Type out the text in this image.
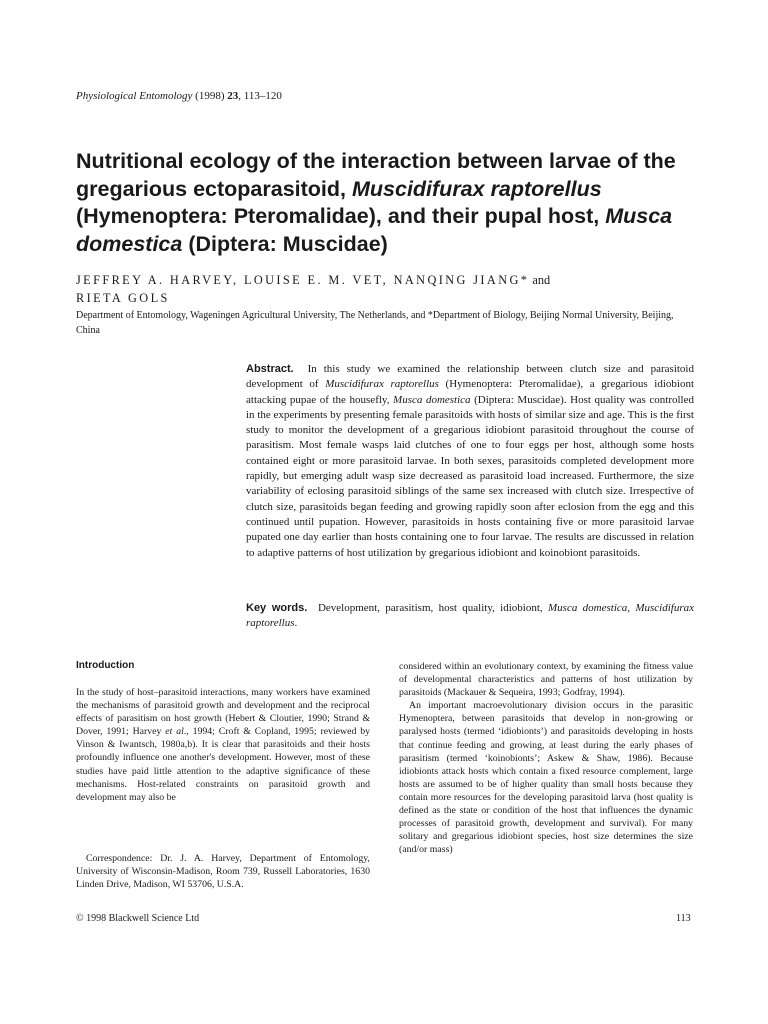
Physiological Entomology (1998) 23, 113–120
Nutritional ecology of the interaction between larvae of the gregarious ectoparasitoid, Muscidifurax raptorellus (Hymenoptera: Pteromalidae), and their pupal host, Musca domestica (Diptera: Muscidae)
JEFFREY A. HARVEY, LOUISE E. M. VET, NANQING JIANG* and
RIETA GOLS
Department of Entomology, Wageningen Agricultural University, The Netherlands, and *Department of Biology, Beijing Normal University, Beijing, China
Abstract. In this study we examined the relationship between clutch size and parasitoid development of Muscidifurax raptorellus (Hymenoptera: Pteromalidae), a gregarious idiobiont attacking pupae of the housefly, Musca domestica (Diptera: Muscidae). Host quality was controlled in the experiments by presenting female parasitoids with hosts of similar size and age. This is the first study to monitor the development of a gregarious idiobiont parasitoid throughout the course of parasitism. Most female wasps laid clutches of one to four eggs per host, although some hosts contained eight or more parasitoid larvae. In both sexes, parasitoids completed development more rapidly, but emerging adult wasp size decreased as parasitoid load increased. Furthermore, the size variability of eclosing parasitoid siblings of the same sex increased with clutch size. Irrespective of clutch size, parasitoids began feeding and growing rapidly soon after eclosion from the egg and this continued until pupation. However, parasitoids in hosts containing five or more parasitoid larvae pupated one day earlier than hosts containing one to four larvae. The results are discussed in relation to adaptive patterns of host utilization by gregarious idiobiont and koinobiont parasitoids.
Key words. Development, parasitism, host quality, idiobiont, Musca domestica, Muscidifurax raptorellus.
Introduction

In the study of host–parasitoid interactions, many workers have examined the mechanisms of parasitoid growth and development and the reciprocal effects of parasitism on host growth (Hebert & Cloutier, 1990; Strand & Dover, 1991; Harvey et al., 1994; Croft & Copland, 1995; reviewed by Vinson & Iwantsch, 1980a,b). It is clear that parasitoids and their hosts profoundly influence one another's development. However, most of these studies have paid little attention to the adaptive significance of these mechanisms. Host-related constraints on parasitoid growth and development may also be

Correspondence: Dr. J. A. Harvey, Department of Entomology, University of Wisconsin-Madison, Room 739, Russell Laboratories, 1630 Linden Drive, Madison, WI 53706, U.S.A.

considered within an evolutionary context, by examining the fitness value of developmental characteristics and patterns of host utilization by parasitoids (Mackauer & Sequeira, 1993; Godfray, 1994).

An important macroevolutionary division occurs in the parasitic Hymenoptera, between parasitoids that develop in non-growing or paralysed hosts (termed ‘idiobionts’) and parasitoids developing in hosts that continue feeding and growing, at least during the early phases of parasitism (termed ‘koinobionts’; Askew & Shaw, 1986). Because idiobionts attack hosts which contain a fixed resource complement, large hosts are assumed to be of higher quality than small hosts because they contain more resources for the developing parasitoid larva (host quality is defined as the state or condition of the host that influences the dynamic processes of parasitoid growth, development and survival). For many solitary and gregarious idiobiont species, host size determines the size (and/or mass)

© 1998 Blackwell Science Ltd	113
